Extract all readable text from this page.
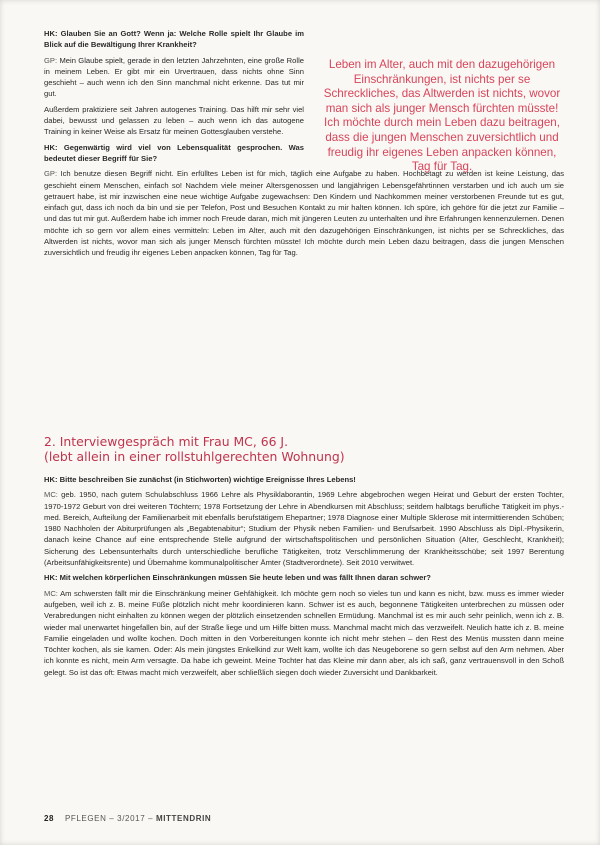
HK: Glauben Sie an Gott? Wenn ja: Welche Rolle spielt Ihr Glaube im Blick auf die Bewältigung Ihrer Krankheit?

GP: Mein Glaube spielt, gerade in den letzten Jahrzehnten, eine große Rolle in meinem Leben. Er gibt mir ein Urvertrauen, dass nichts ohne Sinn geschieht – auch wenn ich den Sinn manchmal nicht erkenne. Das tut mir gut.

Außerdem praktiziere seit Jahren autogenes Training. Das hilft mir sehr viel dabei, bewusst und gelassen zu leben – auch wenn ich das autogene Training in keiner Weise als Ersatz für meinen Gottesglauben verstehe.

HK: Gegenwärtig wird viel von Lebensqualität gesprochen. Was bedeutet dieser Begriff für Sie?

GP: Ich benutze diesen Begriff nicht. Ein erfülltes Leben ist für mich, täglich eine Aufgabe zu haben. Hochbetagt zu werden ist keine Leistung, das geschieht einem Menschen, einfach so! Nachdem viele meiner Altersgenossen und langjährigen Lebensgefährtinnen verstarben und ich auch um sie getrauert habe, ist mir inzwischen eine neue wichtige Aufgabe zugewachsen: Den Kindern und Nachkommen meiner verstorbenen Freunde tut es gut, einfach gut, dass ich noch da bin und sie per Telefon, Post und Besuchen Kontakt zu mir halten können. Ich spüre, ich gehöre für die jetzt zur Familie – und das tut mir gut. Außerdem habe ich immer noch Freude daran, mich mit jüngeren Leuten zu unterhalten und ihre Erfahrungen kennenzulernen. Denen möchte ich so gern vor allem eines vermitteln: Leben im Alter, auch mit den dazugehörigen Einschränkungen, ist nichts per se Schreckliches, das Altwerden ist nichts, wovor man sich als junger Mensch fürchten müsste! Ich möchte durch mein Leben dazu beitragen, dass die jungen Menschen zuversichtlich und freudig ihr eigenes Leben anpacken können, Tag für Tag.

Leben im Alter, auch mit den dazugehörigen Einschränkungen, ist nichts per se Schreckliches, das Altwerden ist nichts, wovor man sich als junger Mensch fürchten müsste! Ich möchte durch mein Leben dazu beitragen, dass die jungen Menschen zuversichtlich und freudig ihr eigenes Leben anpacken können, Tag für Tag.
2. Interviewgespräch mit Frau MC, 66 J.
(lebt allein in einer rollstuhlgerechten Wohnung)

HK: Bitte beschreiben Sie zunächst (in Stichworten) wichtige Ereignisse Ihres Lebens!

MC: geb. 1950, nach gutem Schulabschluss 1966 Lehre als Physiklaborantin, 1969 Lehre abgebrochen wegen Heirat und Geburt der ersten Tochter, 1970-1972 Geburt von drei weiteren Töchtern; 1978 Fortsetzung der Lehre in Abendkursen mit Abschluss; seitdem halbtags berufliche Tätigkeit im phys.-med. Bereich, Aufteilung der Familienarbeit mit ebenfalls berufstätigem Ehepartner; 1978 Diagnose einer Multiple Sklerose mit intermittierenden Schüben; 1980 Nachholen der Abiturprüfungen als „Begabtenabitur“; Studium der Physik neben Familien- und Berufsarbeit. 1990 Abschluss als Dipl.-Physikerin, danach keine Chance auf eine entsprechende Stelle aufgrund der wirtschaftspolitischen und persönlichen Situation (Alter, Geschlecht, Krankheit); Sicherung des Lebensunterhalts durch unterschiedliche berufliche Tätigkeiten, trotz Verschlimmerung der Krankheitsschübe; seit 1997 Berentung (Arbeitsunfähigkeitsrente) und Übernahme kommunalpolitischer Ämter (Stadtverordnete). Seit 2010 verwitwet.

HK: Mit welchen körperlichen Einschränkungen müssen Sie heute leben und was fällt Ihnen daran schwer?

MC: Am schwersten fällt mir die Einschränkung meiner Gehfähigkeit. Ich möchte gern noch so vieles tun und kann es nicht, bzw. muss es immer wieder aufgeben, weil ich z. B. meine Füße plötzlich nicht mehr koordinieren kann. Schwer ist es auch, begonnene Tätigkeiten unterbrechen zu müssen oder Verabredungen nicht einhalten zu können wegen der plötzlich einsetzenden schnellen Ermüdung. Manchmal ist es mir auch sehr peinlich, wenn ich z. B. wieder mal unerwartet hingefallen bin, auf der Straße liege und um Hilfe bitten muss. Manchmal macht mich das verzweifelt. Neulich hatte ich z. B. meine Familie eingeladen und wollte kochen. Doch mitten in den Vorbereitungen konnte ich nicht mehr stehen – den Rest des Menüs mussten dann meine Töchter kochen, als sie kamen. Oder: Als mein jüngstes Enkelkind zur Welt kam, wollte ich das Neugeborene so gern selbst auf den Arm nehmen. Aber ich konnte es nicht, mein Arm versagte. Da habe ich geweint. Meine Tochter hat das Kleine mir dann aber, als ich saß, ganz vertrauensvoll in den Schoß gelegt. So ist das oft: Etwas macht mich verzweifelt, aber schließlich siegen doch wieder Zuversicht und Dankbarkeit.

28 PFLEGEN – 3/2017 – MITTENDRIN
